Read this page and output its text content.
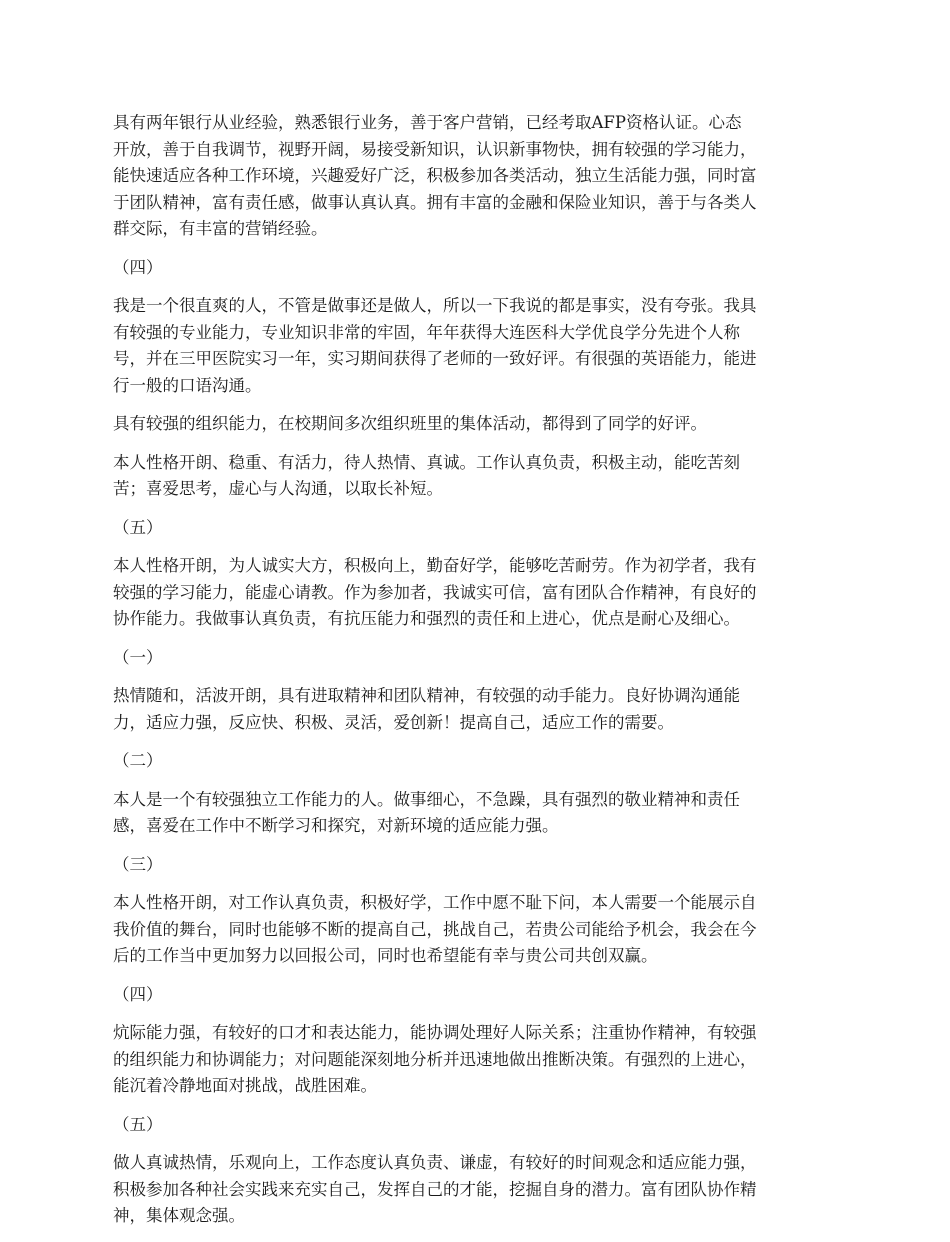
具有两年银行从业经验，熟悉银行业务，善于客户营销，已经考取AFP资格认证。心态
开放，善于自我调节，视野开阔，易接受新知识，认识新事物快，拥有较强的学习能力，
能快速适应各种工作环境，兴趣爱好广泛，积极参加各类活动，独立生活能力强，同时富
于团队精神，富有责任感，做事认真认真。拥有丰富的金融和保险业知识，善于与各类人
群交际，有丰富的营销经验。
（四）
我是一个很直爽的人，不管是做事还是做人，所以一下我说的都是事实，没有夸张。我具
有较强的专业能力，专业知识非常的牢固，年年获得大连医科大学优良学分先进个人称
号，并在三甲医院实习一年，实习期间获得了老师的一致好评。有很强的英语能力，能进
行一般的口语沟通。
具有较强的组织能力，在校期间多次组织班里的集体活动，都得到了同学的好评。
本人性格开朗、稳重、有活力，待人热情、真诚。工作认真负责，积极主动，能吃苦刻
苦；喜爱思考，虚心与人沟通，以取长补短。
（五）
本人性格开朗，为人诚实大方，积极向上，勤奋好学，能够吃苦耐劳。作为初学者，我有
较强的学习能力，能虚心请教。作为参加者，我诚实可信，富有团队合作精神，有良好的
协作能力。我做事认真负责，有抗压能力和强烈的责任和上进心，优点是耐心及细心。
（一）
热情随和，活波开朗，具有进取精神和团队精神，有较强的动手能力。良好协调沟通能
力，适应力强，反应快、积极、灵活，爱创新！提高自己，适应工作的需要。
（二）
本人是一个有较强独立工作能力的人。做事细心，不急躁，具有强烈的敬业精神和责任
感，喜爱在工作中不断学习和探究，对新环境的适应能力强。
（三）
本人性格开朗，对工作认真负责，积极好学，工作中愿不耻下问，本人需要一个能展示自
我价值的舞台，同时也能够不断的提高自己，挑战自己，若贵公司能给予机会，我会在今
后的工作当中更加努力以回报公司，同时也希望能有幸与贵公司共创双赢。
（四）
炕际能力强，有较好的口才和表达能力，能协调处理好人际关系；注重协作精神，有较强
的组织能力和协调能力；对问题能深刻地分析并迅速地做出推断决策。有强烈的上进心，
能沉着冷静地面对挑战，战胜困难。
（五）
做人真诚热情，乐观向上，工作态度认真负责、谦虚，有较好的时间观念和适应能力强，
积极参加各种社会实践来充实自己，发挥自己的才能，挖掘自身的潜力。富有团队协作精
神，集体观念强。
